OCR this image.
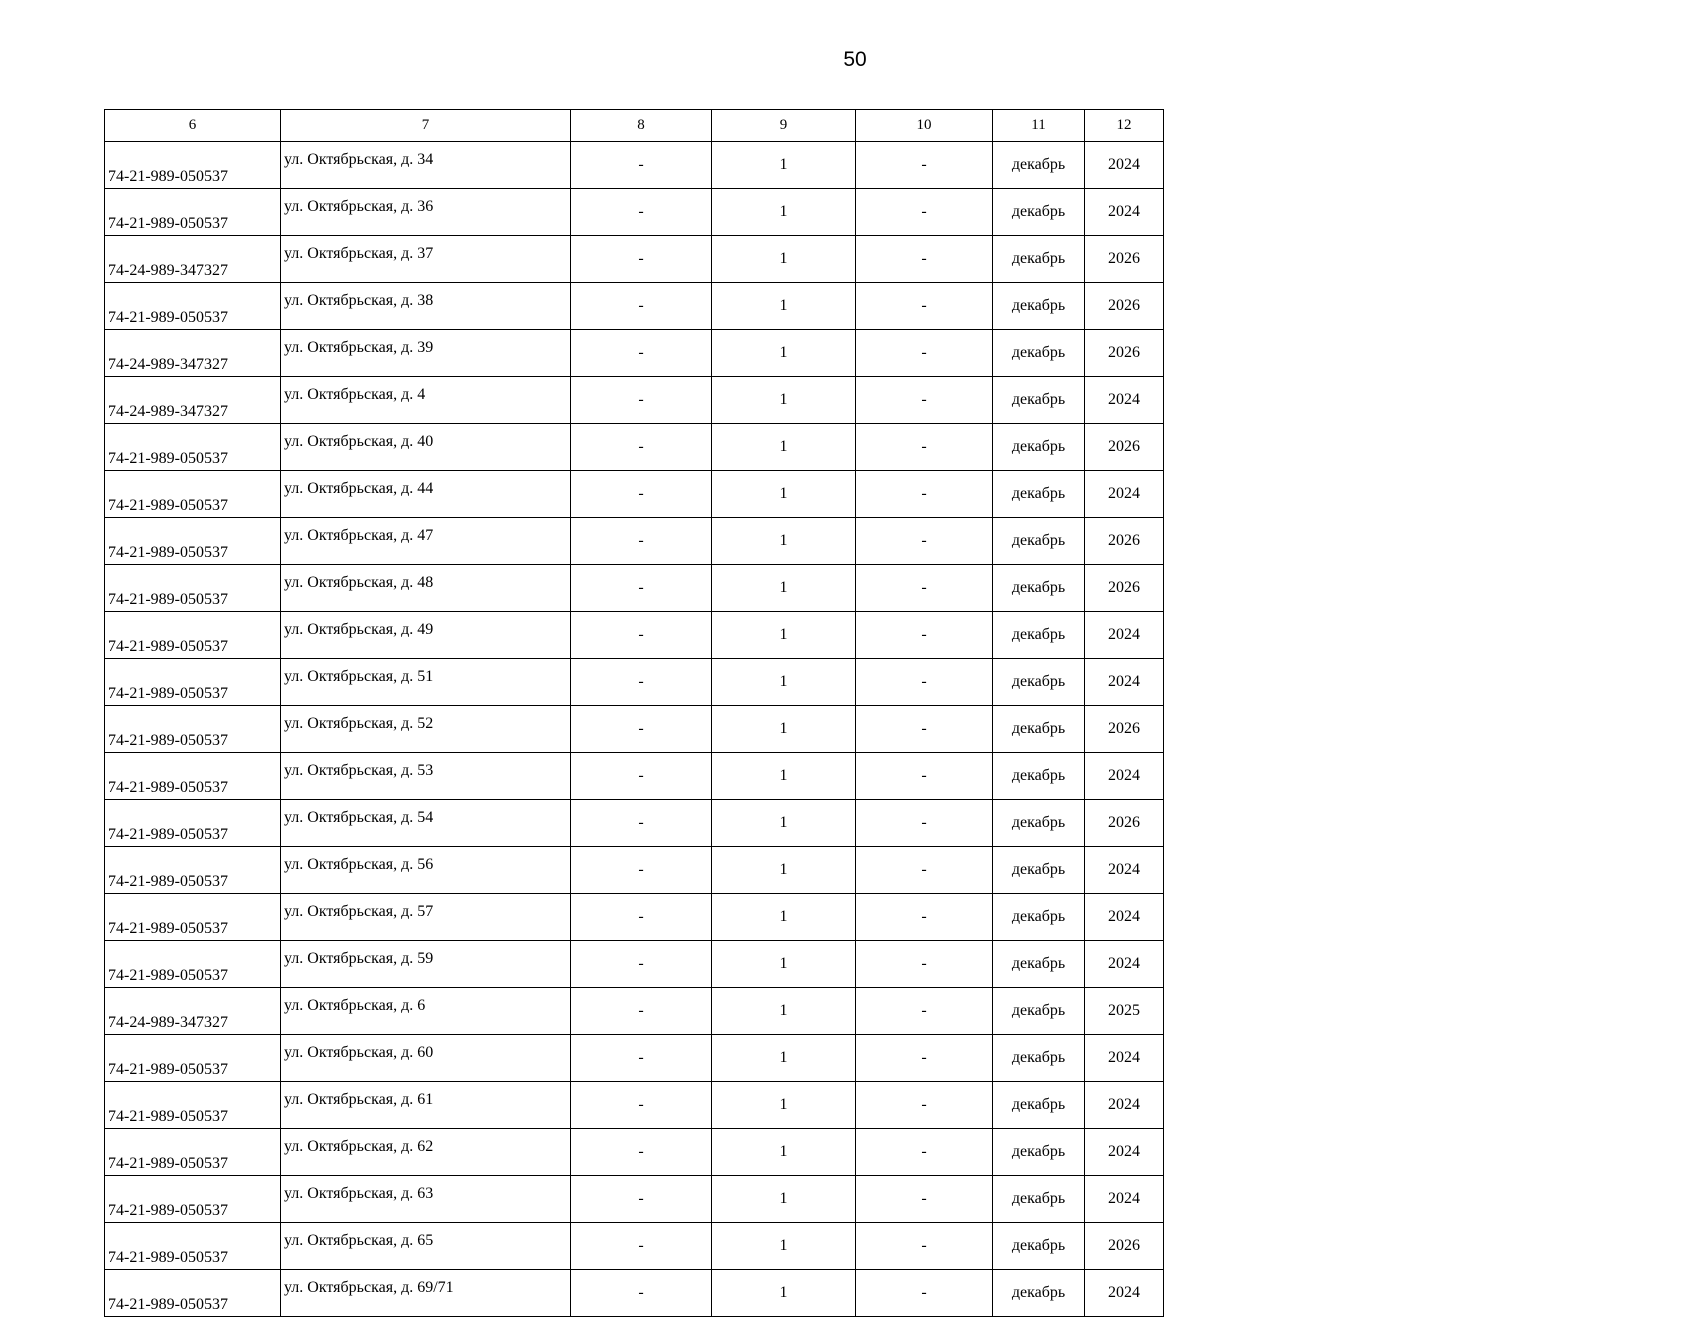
50
6	7	8	9	10	11	12
74-21-989-050537	ул. Октябрьская, д. 34	-	1	-	декабрь	2024
74-21-989-050537	ул. Октябрьская, д. 36	-	1	-	декабрь	2024
74-24-989-347327	ул. Октябрьская, д. 37	-	1	-	декабрь	2026
74-21-989-050537	ул. Октябрьская, д. 38	-	1	-	декабрь	2026
74-24-989-347327	ул. Октябрьская, д. 39	-	1	-	декабрь	2026
74-24-989-347327	ул. Октябрьская, д. 4	-	1	-	декабрь	2024
74-21-989-050537	ул. Октябрьская, д. 40	-	1	-	декабрь	2026
74-21-989-050537	ул. Октябрьская, д. 44	-	1	-	декабрь	2024
74-21-989-050537	ул. Октябрьская, д. 47	-	1	-	декабрь	2026
74-21-989-050537	ул. Октябрьская, д. 48	-	1	-	декабрь	2026
74-21-989-050537	ул. Октябрьская, д. 49	-	1	-	декабрь	2024
74-21-989-050537	ул. Октябрьская, д. 51	-	1	-	декабрь	2024
74-21-989-050537	ул. Октябрьская, д. 52	-	1	-	декабрь	2026
74-21-989-050537	ул. Октябрьская, д. 53	-	1	-	декабрь	2024
74-21-989-050537	ул. Октябрьская, д. 54	-	1	-	декабрь	2026
74-21-989-050537	ул. Октябрьская, д. 56	-	1	-	декабрь	2024
74-21-989-050537	ул. Октябрьская, д. 57	-	1	-	декабрь	2024
74-21-989-050537	ул. Октябрьская, д. 59	-	1	-	декабрь	2024
74-24-989-347327	ул. Октябрьская, д. 6	-	1	-	декабрь	2025
74-21-989-050537	ул. Октябрьская, д. 60	-	1	-	декабрь	2024
74-21-989-050537	ул. Октябрьская, д. 61	-	1	-	декабрь	2024
74-21-989-050537	ул. Октябрьская, д. 62	-	1	-	декабрь	2024
74-21-989-050537	ул. Октябрьская, д. 63	-	1	-	декабрь	2024
74-21-989-050537	ул. Октябрьская, д. 65	-	1	-	декабрь	2026
74-21-989-050537	ул. Октябрьская, д. 69/71	-	1	-	декабрь	2024
